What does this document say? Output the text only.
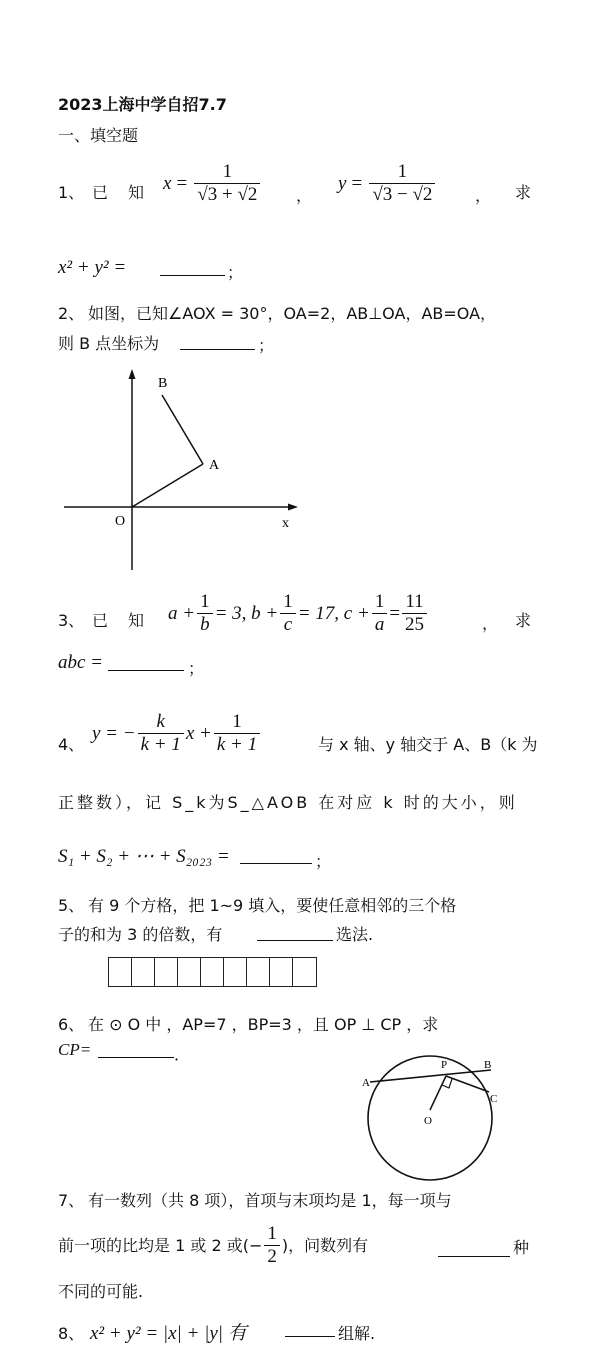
2023上海中学自招7.7
一、填空题
1、 已 知 $x = \frac{1}{√3 + √2}$ ，
$y = \frac{1}{√3 - √2}$ ， 求
x² + y² =	；
2、 如图，已知∠AOX = 30°，OA=2，AB⊥OA，AB=OA，
则 B 点坐标为	；
B
A
O	x
3、 已 知 $a + \frac{1}{b} = 3$, $b + \frac{1}{c} = 17$, $c + \frac{1}{a} = \frac{11}{25}$	， 求
abc =	；
4、
y = − $\frac{k}{k + 1}$ $x + \frac{1}{k + 1}$	与 x 轴、y 轴交于 A、B（k 为
正整数），记 S_k为S_△AOB 在对应 k 时的大小，则
S₁ + S₂ + ⋯ + S₂₀₂₃ =	；
5、 有 9 个方格，把 1~9 填入，要使任意相邻的三个格
子的和为 3 的倍数，有	选法.
6、 在 ⊙ O 中 ，AP=7 ，BP=3 ，且 OP ⊥ CP ，求
CP=	．
A
P	B
C
O
7、 有一数列（共 8 项），首项与末项均是 1，每一项与
前一项的比均是 1 或 2 或(− $\frac{1}{2}$ )，问数列有	种
不同的可能.
8、 x² + y² = |x| + |y| 有	组解.
